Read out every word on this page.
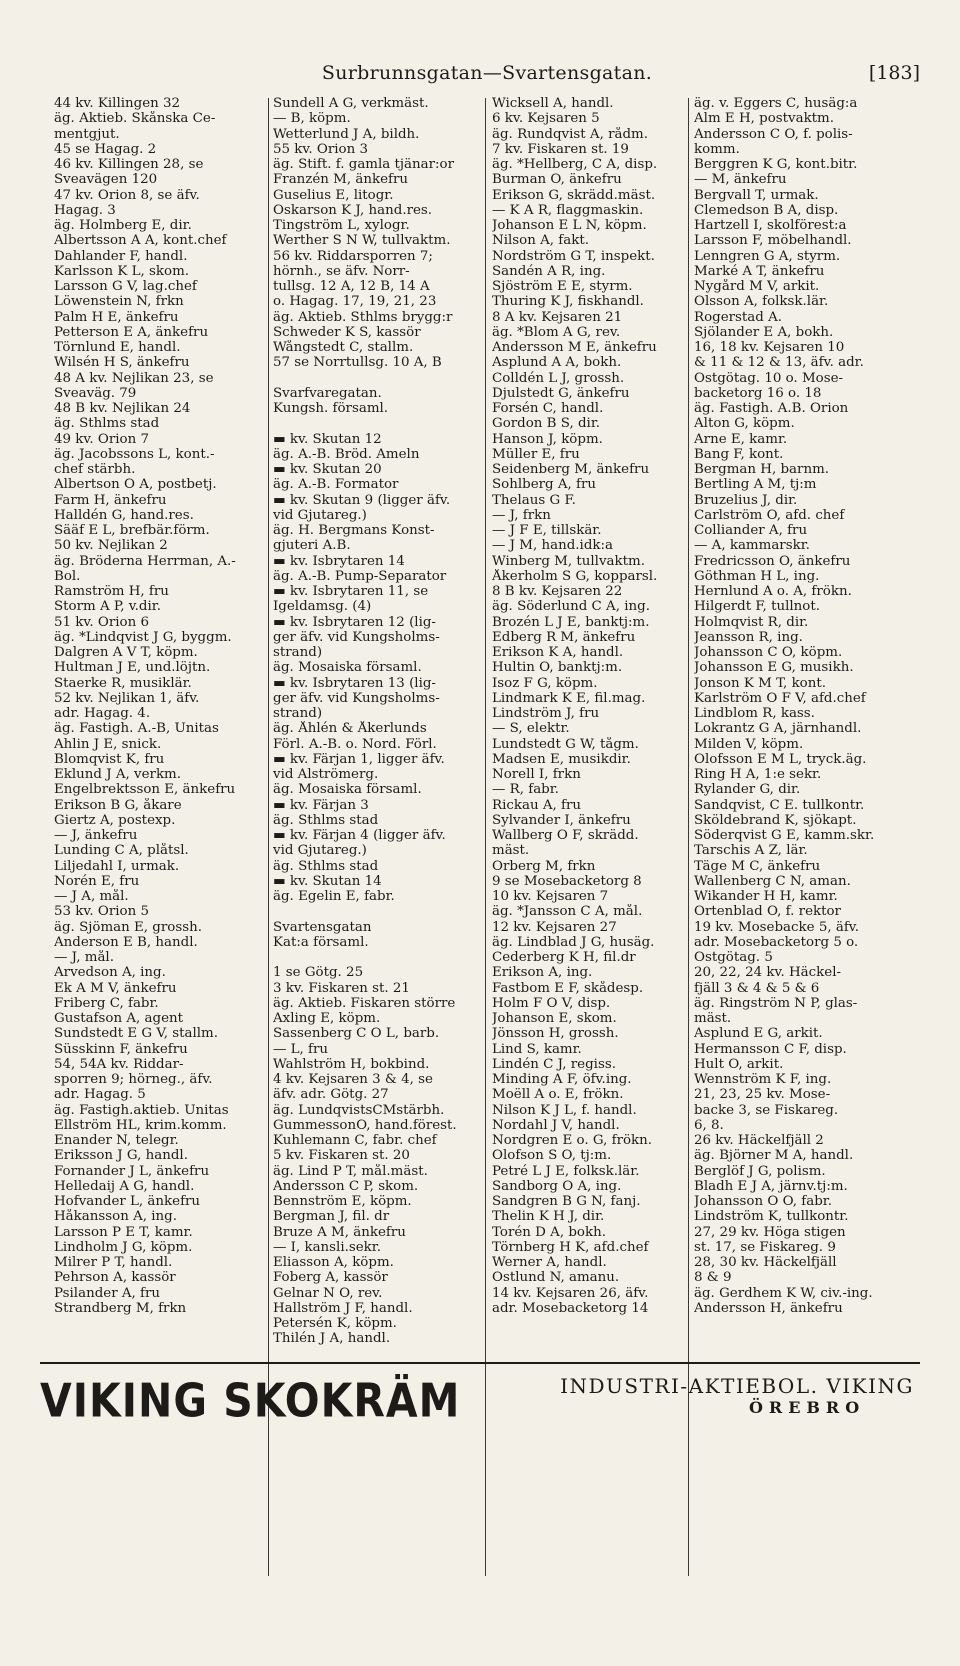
Surbrunnsgatan—Svartensgatan.	[183]
44 kv. Killingen 32
äg. Aktieb. Skånska Ce-
mentgjut.
45 se Hagag. 2
46 kv. Killingen 28, se
Sveavägen 120
47 kv. Orion 8, se äfv.
Hagag. 3
äg. Holmberg E, dir.
Albertsson A A, kont.chef
Dahlander F, handl.
Karlsson K L, skom.
Larsson G V, lag.chef
Löwenstein N, frkn
Palm H E, änkefru
Petterson E A, änkefru
Törnlund E, handl.
Wilsén H S, änkefru
48 A kv. Nejlikan 23, se
Sveaväg. 79
48 B kv. Nejlikan 24
äg. Sthlms stad
49 kv. Orion 7
äg. Jacobssons L, kont.-
chef stärbh.
Albertson O A, postbetj.
Farm H, änkefru
Halldén G, hand.res.
Sääf E L, brefbär.förm.
50 kv. Nejlikan 2
äg. Bröderna Herrman, A.-
Bol.
Ramström H, fru
Storm A P, v.dir.
51 kv. Orion 6
äg. *Lindqvist J G, byggm.
Dalgren A V T, köpm.
Hultman J E, und.löjtn.
Staerke R, musiklär.
52 kv. Nejlikan 1, äfv.
adr. Hagag. 4.
äg. Fastigh. A.-B, Unitas
Ahlin J E, snick.
Blomqvist K, fru
Eklund J A, verkm.
Engelbrektsson E, änkefru
Erikson B G, åkare
Giertz A, postexp.
— J, änkefru
Lunding C A, plåtsl.
Liljedahl I, urmak.
Norén E, fru
— J A, mål.
53 kv. Orion 5
äg. Sjöman E, grossh.
Anderson E B, handl.
— J, mål.
Arvedson A, ing.
Ek A M V, änkefru
Friberg C, fabr.
Gustafson A, agent
Sundstedt E G V, stallm.
Süsskinn F, änkefru
54, 54A kv. Riddar-
sporren 9; hörneg., äfv.
adr. Hagag. 5
äg. Fastigh.aktieb. Unitas
Ellström HL, krim.komm.
Enander N, telegr.
Eriksson J G, handl.
Fornander J L, änkefru
Helledaij A G, handl.
Hofvander L, änkefru
Håkansson A, ing.
Larsson P E T, kamr.
Lindholm J G, köpm.
Milrer P T, handl.
Pehrson A, kassör
Psilander A, fru
Strandberg M, frkn
Sundell A G, verkmäst.
— B, köpm.
Wetterlund J A, bildh.
55 kv. Orion 3
äg. Stift. f. gamla tjänar:or
Franzén M, änkefru
Guselius E, litogr.
Oskarson K J, hand.res.
Tingström L, xylogr.
Werther S N W, tullvaktm.
56 kv. Riddarsporren 7;
hörnh., se äfv. Norr-
tullsg. 12 A, 12 B, 14 A
o. Hagag. 17, 19, 21, 23
äg. Aktieb. Sthlms brygg:r
Schweder K S, kassör
Wångstedt C, stallm.
57 se Norrtullsg. 10 A, B
Svarfvaregatan.
Kungsh. församl.
▬ kv. Skutan 12
äg. A.-B. Bröd. Ameln
▬ kv. Skutan 20
äg. A.-B. Formator
▬ kv. Skutan 9 (ligger äfv.
vid Gjutareg.)
äg. H. Bergmans Konst-
gjuteri A.B.
▬ kv. Isbrytaren 14
äg. A.-B. Pump-Separator
▬ kv. Isbrytaren 11, se
Igeldamsg. (4)
▬ kv. Isbrytaren 12 (lig-
ger äfv. vid Kungsholms-
strand)
äg. Mosaiska församl.
▬ kv. Isbrytaren 13 (lig-
ger äfv. vid Kungsholms-
strand)
äg. Åhlén & Åkerlunds
Förl. A.-B. o. Nord. Förl.
▬ kv. Färjan 1, ligger äfv.
vid Alströmerg.
äg. Mosaiska församl.
▬ kv. Färjan 3
äg. Sthlms stad
▬ kv. Färjan 4 (ligger äfv.
vid Gjutareg.)
äg. Sthlms stad
▬ kv. Skutan 14
äg. Egelin E, fabr.
Svartensgatan
Kat:a församl.
1 se Götg. 25
3 kv. Fiskaren st. 21
äg. Aktieb. Fiskaren större
Axling E, köpm.
Sassenberg C O L, barb.
— L, fru
Wahlström H, bokbind.
4 kv. Kejsaren 3 & 4, se
äfv. adr. Götg. 27
äg. LundqvistsCMstärbh.
GummessonO, hand.förest.
Kuhlemann C, fabr. chef
5 kv. Fiskaren st. 20
äg. Lind P T, mål.mäst.
Andersson C P, skom.
Bennström E, köpm.
Bergman J, fil. dr
Bruze A M, änkefru
— I, kansli.sekr.
Eliasson A, köpm.
Foberg A, kassör
Gelnar N O, rev.
Hallström J F, handl.
Petersén K, köpm.
Thilén J A, handl.
Wicksell A, handl.
6 kv. Kejsaren 5
äg. Rundqvist A, rådm.
7 kv. Fiskaren st. 19
äg. *Hellberg, C A, disp.
Burman O, änkefru
Erikson G, skrädd.mäst.
— K A R, flaggmaskin.
Johanson E L N, köpm.
Nilson A, fakt.
Nordström G T, inspekt.
Sandén A R, ing.
Sjöström E E, styrm.
Thuring K J, fiskhandl.
8 A kv. Kejsaren 21
äg. *Blom A G, rev.
Andersson M E, änkefru
Asplund A A, bokh.
Colldén L J, grossh.
Djulstedt G, änkefru
Forsén C, handl.
Gordon B S, dir.
Hanson J, köpm.
Müller E, fru
Seidenberg M, änkefru
Sohlberg A, fru
Thelaus G F.
— J, frkn
— J F E, tillskär.
— J M, hand.idk:a
Winberg M, tullvaktm.
Åkerholm S G, kopparsl.
8 B kv. Kejsaren 22
äg. Söderlund C A, ing.
Brozén L J E, banktj:m.
Edberg R M, änkefru
Erikson K A, handl.
Hultin O, banktj:m.
Isoz F G, köpm.
Lindmark K E, fil.mag.
Lindström J, fru
— S, elektr.
Lundstedt G W, tågm.
Madsen E, musikdir.
Norell I, frkn
— R, fabr.
Rickau A, fru
Sylvander I, änkefru
Wallberg O F, skrädd.
mäst.
Örberg M, frkn
9 se Mosebacketorg 8
10 kv. Kejsaren 7
äg. *Jansson C A, mål.
12 kv. Kejsaren 27
äg. Lindblad J G, husäg.
Cederberg K H, fil.dr
Erikson A, ing.
Fastbom E F, skådesp.
Holm F O V, disp.
Johanson E, skom.
Jönsson H, grossh.
Lind S, kamr.
Lindén C J, regiss.
Minding A F, öfv.ing.
Moëll A o. E, frökn.
Nilson K J L, f. handl.
Nordahl J V, handl.
Nordgren E o. G, frökn.
Olofson S O, tj:m.
Petré L J E, folksk.lär.
Sandborg O A, ing.
Sandgren B G N, fanj.
Thelin K H J, dir.
Torén D A, bokh.
Törnberg H K, afd.chef
Werner A, handl.
Östlund N, amanu.
14 kv. Kejsaren 26, äfv.
adr. Mosebacketorg 14
äg. v. Eggers C, husäg:a
Alm E H, postvaktm.
Andersson C O, f. polis-
komm.
Berggren K G, kont.bitr.
— M, änkefru
Bergvall T, urmak.
Clemedson B A, disp.
Hartzell I, skolförest:a
Larsson F, möbelhandl.
Lenngren G A, styrm.
Marké A T, änkefru
Nygård M V, arkit.
Olsson A, folksk.lär.
Rogerstad A.
Sjölander E A, bokh.
16, 18 kv. Kejsaren 10
& 11 & 12 & 13, äfv. adr.
Östgötag. 10 o. Mose-
backetorg 16 o. 18
äg. Fastigh. A.B. Orion
Alton G, köpm.
Arne E, kamr.
Bang F, kont.
Bergman H, barnm.
Bertling A M, tj:m
Bruzelius J, dir.
Carlström O, afd. chef
Colliander A, fru
— A, kammarskr.
Fredricsson O, änkefru
Göthman H L, ing.
Hernlund A o. A, frökn.
Hilgerdt F, tullnot.
Holmqvist R, dir.
Jeansson R, ing.
Johansson C O, köpm.
Johansson E G, musikh.
Jonson K M T, kont.
Karlström O F V, afd.chef
Lindblom R, kass.
Lokrantz G A, järnhandl.
Milden V, köpm.
Olofsson E M L, tryck.äg.
Ring H A, 1:e sekr.
Rylander G, dir.
Sandqvist, C E. tullkontr.
Sköldebrand K, sjökapt.
Söderqvist G E, kamm.skr.
Tarschis A Z, lär.
Täge M C, änkefru
Wallenberg C N, aman.
Wikander H H, kamr.
Örtenblad O, f. rektor
19 kv. Mosebacke 5, äfv.
adr. Mosebacketorg 5 o.
Östgötag. 5
20, 22, 24 kv. Häckel-
fjäll 3 & 4 & 5 & 6
äg. Ringström N P, glas-
mäst.
Asplund E G, arkit.
Hermansson C F, disp.
Hult O, arkit.
Wennström K F, ing.
21, 23, 25 kv. Mose-
backe 3, se Fiskareg.
6, 8.
26 kv. Häckelfjäll 2
äg. Björner M A, handl.
Berglöf J G, polism.
Bladh E J A, järnv.tj:m.
Johansson O O, fabr.
Lindström K, tullkontr.
27, 29 kv. Höga stigen
st. 17, se Fiskareg. 9
28, 30 kv. Häckelfjäll
8 & 9
äg. Gerdhem K W, civ.-ing.
Andersson H, änkefru
VIKING SKOKRÄM	INDUSTRI-AKTIEBOL. VIKING
ÖREBRO
